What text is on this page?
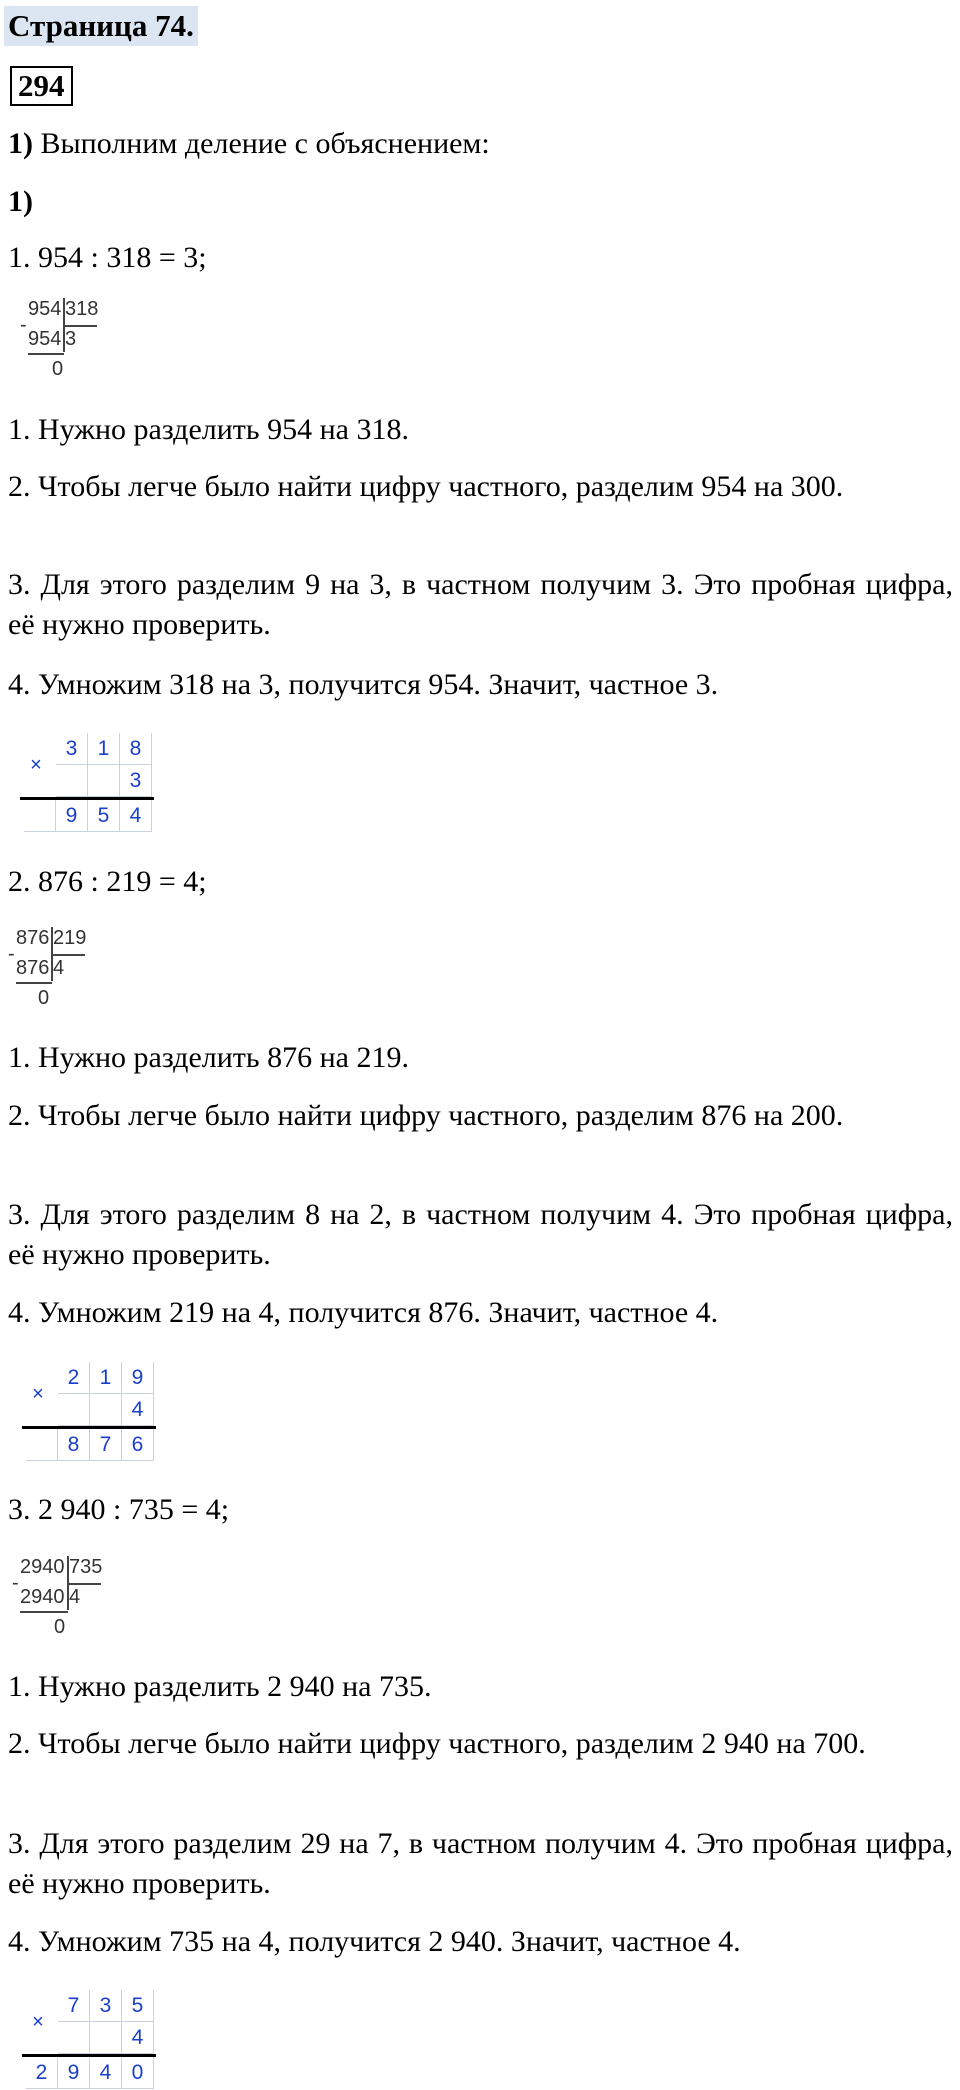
Страница 74.
294
1) Выполним деление с объяснением:
1)
1. 954 : 318 = 3;
954 318
-
954 3
0
1. Нужно разделить 954 на 318.
2. Чтобы легче было найти цифру частного, разделим 954 на 300.
3. Для этого разделим 9 на 3, в частном получим 3. Это пробная цифра, её нужно проверить.
4. Умножим 318 на 3, получится 954. Значит, частное 3.
×
3 1 8
3
9 5 4
2. 876 : 219 = 4;
876 219
-
876 4
0
1. Нужно разделить 876 на 219.
2. Чтобы легче было найти цифру частного, разделим 876 на 200.
3. Для этого разделим 8 на 2, в частном получим 4. Это пробная цифра, её нужно проверить.
4. Умножим 219 на 4, получится 876. Значит, частное 4.
×
2 1 9
4
8 7 6
3. 2 940 : 735 = 4;
2940 735
-
2940 4
0
1. Нужно разделить 2 940 на 735.
2. Чтобы легче было найти цифру частного, разделим 2 940 на 700.
3. Для этого разделим 29 на 7, в частном получим 4. Это пробная цифра, её нужно проверить.
4. Умножим 735 на 4, получится 2 940. Значит, частное 4.
×
7 3 5
4
2 9 4 0
